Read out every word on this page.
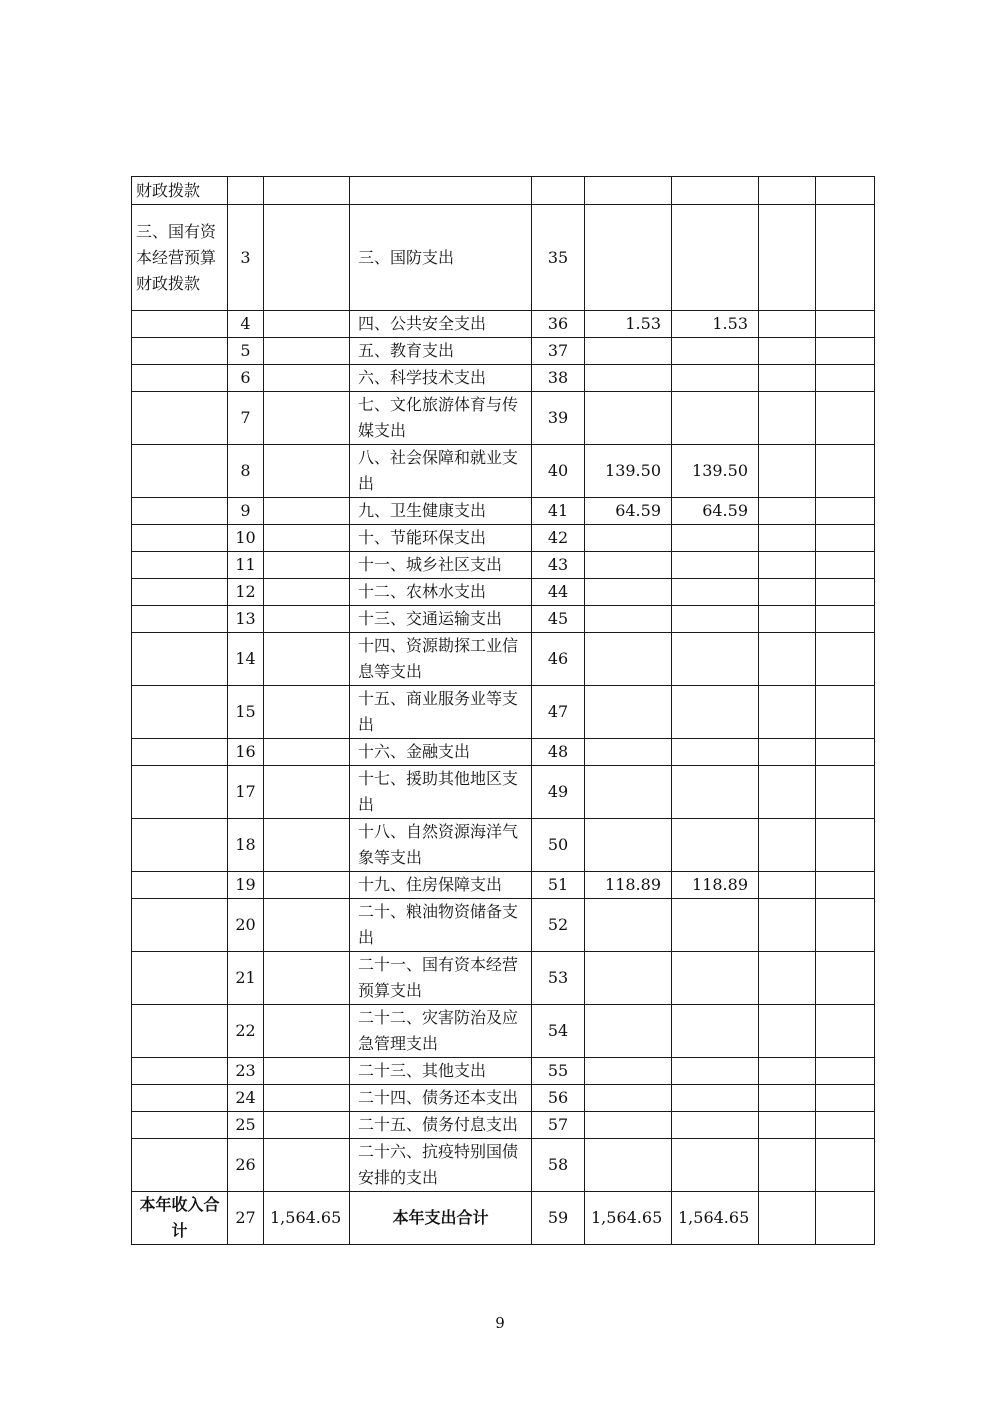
财政拨款								
三、国有资本经营预算财政拨款	3		三、国防支出	35				
	4		四、公共安全支出	36	1.53	1.53		
	5		五、教育支出	37				
	6		六、科学技术支出	38				
	7		七、文化旅游体育与传媒支出	39				
	8		八、社会保障和就业支出	40	139.50	139.50		
	9		九、卫生健康支出	41	64.59	64.59		
	10		十、节能环保支出	42				
	11		十一、城乡社区支出	43				
	12		十二、农林水支出	44				
	13		十三、交通运输支出	45				
	14		十四、资源勘探工业信息等支出	46				
	15		十五、商业服务业等支出	47				
	16		十六、金融支出	48				
	17		十七、援助其他地区支出	49				
	18		十八、自然资源海洋气象等支出	50				
	19		十九、住房保障支出	51	118.89	118.89		
	20		二十、粮油物资储备支出	52				
	21		二十一、国有资本经营预算支出	53				
	22		二十二、灾害防治及应急管理支出	54				
	23		二十三、其他支出	55				
	24		二十四、债务还本支出	56				
	25		二十五、债务付息支出	57				
	26		二十六、抗疫特别国债安排的支出	58				
本年收入合计	27	1,564.65	本年支出合计	59	1,564.65	1,564.65		
9
